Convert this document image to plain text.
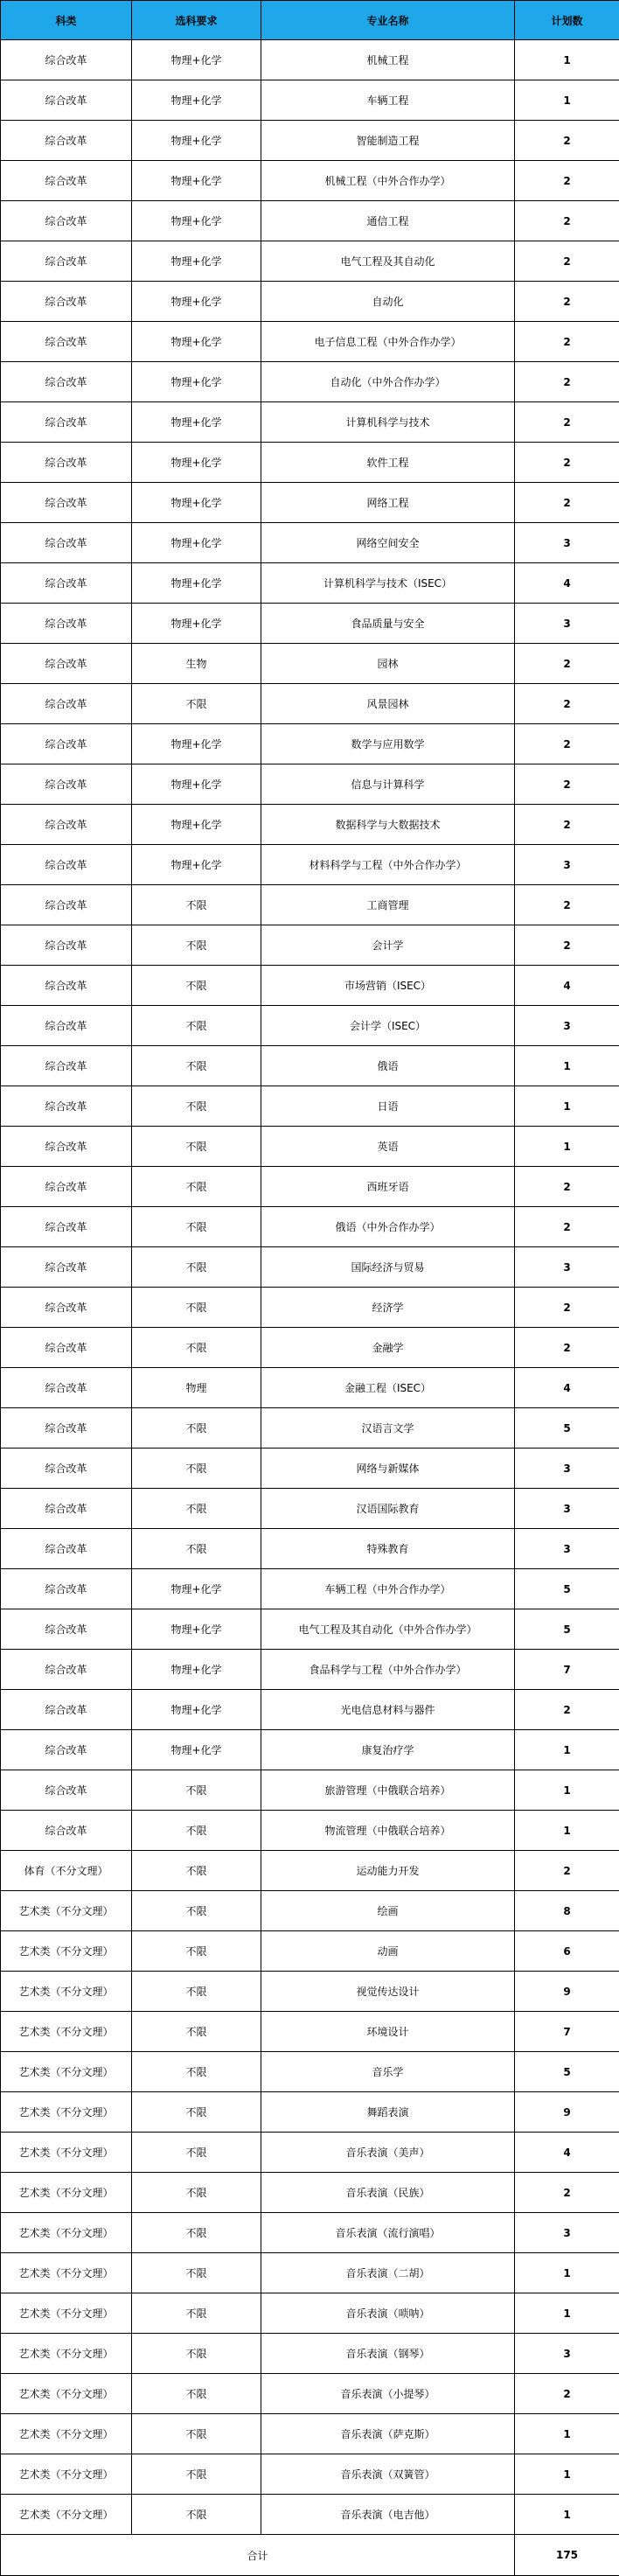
科类	选科要求	专业名称	计划数
综合改革	物理+化学	机械工程	1
综合改革	物理+化学	车辆工程	1
综合改革	物理+化学	智能制造工程	2
综合改革	物理+化学	机械工程（中外合作办学）	2
综合改革	物理+化学	通信工程	2
综合改革	物理+化学	电气工程及其自动化	2
综合改革	物理+化学	自动化	2
综合改革	物理+化学	电子信息工程（中外合作办学）	2
综合改革	物理+化学	自动化（中外合作办学）	2
综合改革	物理+化学	计算机科学与技术	2
综合改革	物理+化学	软件工程	2
综合改革	物理+化学	网络工程	2
综合改革	物理+化学	网络空间安全	3
综合改革	物理+化学	计算机科学与技术（ISEC）	4
综合改革	物理+化学	食品质量与安全	3
综合改革	生物	园林	2
综合改革	不限	风景园林	2
综合改革	物理+化学	数学与应用数学	2
综合改革	物理+化学	信息与计算科学	2
综合改革	物理+化学	数据科学与大数据技术	2
综合改革	物理+化学	材料科学与工程（中外合作办学）	3
综合改革	不限	工商管理	2
综合改革	不限	会计学	2
综合改革	不限	市场营销（ISEC）	4
综合改革	不限	会计学（ISEC）	3
综合改革	不限	俄语	1
综合改革	不限	日语	1
综合改革	不限	英语	1
综合改革	不限	西班牙语	2
综合改革	不限	俄语（中外合作办学）	2
综合改革	不限	国际经济与贸易	3
综合改革	不限	经济学	2
综合改革	不限	金融学	2
综合改革	物理	金融工程（ISEC）	4
综合改革	不限	汉语言文学	5
综合改革	不限	网络与新媒体	3
综合改革	不限	汉语国际教育	3
综合改革	不限	特殊教育	3
综合改革	物理+化学	车辆工程（中外合作办学）	5
综合改革	物理+化学	电气工程及其自动化（中外合作办学）	5
综合改革	物理+化学	食品科学与工程（中外合作办学）	7
综合改革	物理+化学	光电信息材料与器件	2
综合改革	物理+化学	康复治疗学	1
综合改革	不限	旅游管理（中俄联合培养）	1
综合改革	不限	物流管理（中俄联合培养）	1
体育（不分文理）	不限	运动能力开发	2
艺术类（不分文理）	不限	绘画	8
艺术类（不分文理）	不限	动画	6
艺术类（不分文理）	不限	视觉传达设计	9
艺术类（不分文理）	不限	环境设计	7
艺术类（不分文理）	不限	音乐学	5
艺术类（不分文理）	不限	舞蹈表演	9
艺术类（不分文理）	不限	音乐表演（美声）	4
艺术类（不分文理）	不限	音乐表演（民族）	2
艺术类（不分文理）	不限	音乐表演（流行演唱）	3
艺术类（不分文理）	不限	音乐表演（二胡）	1
艺术类（不分文理）	不限	音乐表演（唢呐）	1
艺术类（不分文理）	不限	音乐表演（钢琴）	3
艺术类（不分文理）	不限	音乐表演（小提琴）	2
艺术类（不分文理）	不限	音乐表演（萨克斯）	1
艺术类（不分文理）	不限	音乐表演（双簧管）	1
艺术类（不分文理）	不限	音乐表演（电吉他）	1
合计			175
